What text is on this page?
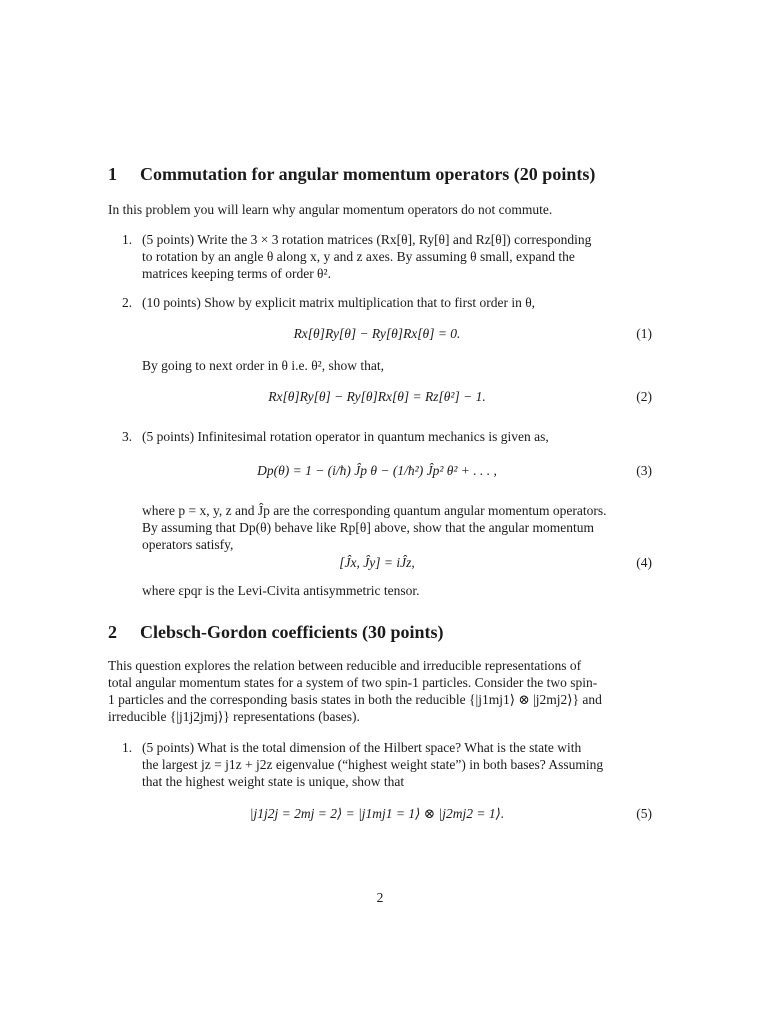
1 Commutation for angular momentum operators (20 points)
In this problem you will learn why angular momentum operators do not commute.
1. (5 points) Write the 3 × 3 rotation matrices (Rx[θ], Ry[θ] and Rz[θ]) corresponding
to rotation by an angle θ along x, y and z axes. By assuming θ small, expand the
matrices keeping terms of order θ².
2. (10 points) Show by explicit matrix multiplication that to first order in θ,
Rx[θ]Ry[θ] − Ry[θ]Rx[θ] = 0.	(1)
By going to next order in θ i.e. θ², show that,
Rx[θ]Ry[θ] − Ry[θ]Rx[θ] = Rz[θ²] − 1.	(2)
3. (5 points) Infinitesimal rotation operator in quantum mechanics is given as,
Dp(θ) = 1 − (i/ħ) Ĵp θ − (1/ħ²) Ĵp² θ² + . . . ,	(3)
where p = x, y, z and Ĵp are the corresponding quantum angular momentum operators.
By assuming that Dp(θ) behave like Rp[θ] above, show that the angular momentum
operators satisfy,
[Ĵx, Ĵy] = iĴz,	(4)
where εpqr is the Levi-Civita antisymmetric tensor.
2 Clebsch-Gordon coefficients (30 points)
This question explores the relation between reducible and irreducible representations of
total angular momentum states for a system of two spin-1 particles. Consider the two spin-
1 particles and the corresponding basis states in both the reducible {|j1mj1⟩ ⊗ |j2mj2⟩} and
irreducible {|j1j2jmj⟩} representations (bases).
1. (5 points) What is the total dimension of the Hilbert space? What is the state with
the largest jz = j1z + j2z eigenvalue (“highest weight state”) in both bases? Assuming
that the highest weight state is unique, show that
|j1j2j = 2mj = 2⟩ = |j1mj1 = 1⟩ ⊗ |j2mj2 = 1⟩.	(5)
2
